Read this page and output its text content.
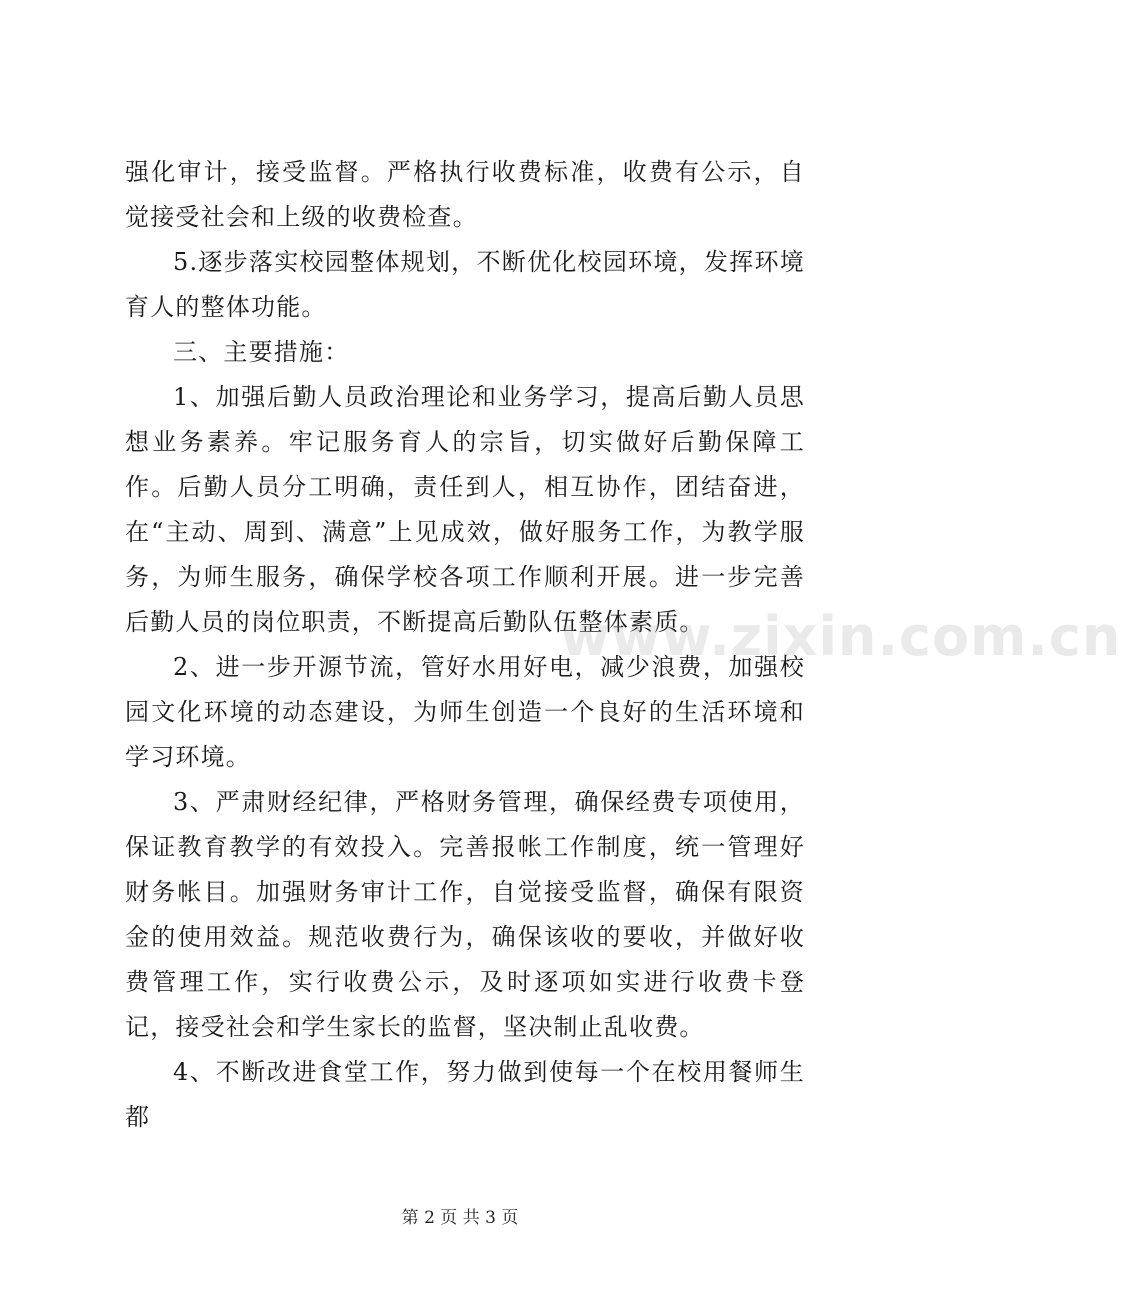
强化审计，接受监督。严格执行收费标准，收费有公示，自觉接受社会和上级的收费检查。

5.逐步落实校园整体规划，不断优化校园环境，发挥环境育人的整体功能。

三、主要措施：

1、加强后勤人员政治理论和业务学习，提高后勤人员思想业务素养。牢记服务育人的宗旨，切实做好后勤保障工作。后勤人员分工明确，责任到人，相互协作，团结奋进，在“主动、周到、满意”上见成效，做好服务工作，为教学服务，为师生服务，确保学校各项工作顺利开展。进一步完善后勤人员的岗位职责，不断提高后勤队伍整体素质。

2、进一步开源节流，管好水用好电，减少浪费，加强校园文化环境的动态建设，为师生创造一个良好的生活环境和学习环境。

3、严肃财经纪律，严格财务管理，确保经费专项使用，保证教育教学的有效投入。完善报帐工作制度，统一管理好财务帐目。加强财务审计工作，自觉接受监督，确保有限资金的使用效益。规范收费行为，确保该收的要收，并做好收费管理工作，实行收费公示，及时逐项如实进行收费卡登记，接受社会和学生家长的监督，坚决制止乱收费。

4、不断改进食堂工作，努力做到使每一个在校用餐师生都

www.zixin.com.cn
第 2 页 共 3 页
